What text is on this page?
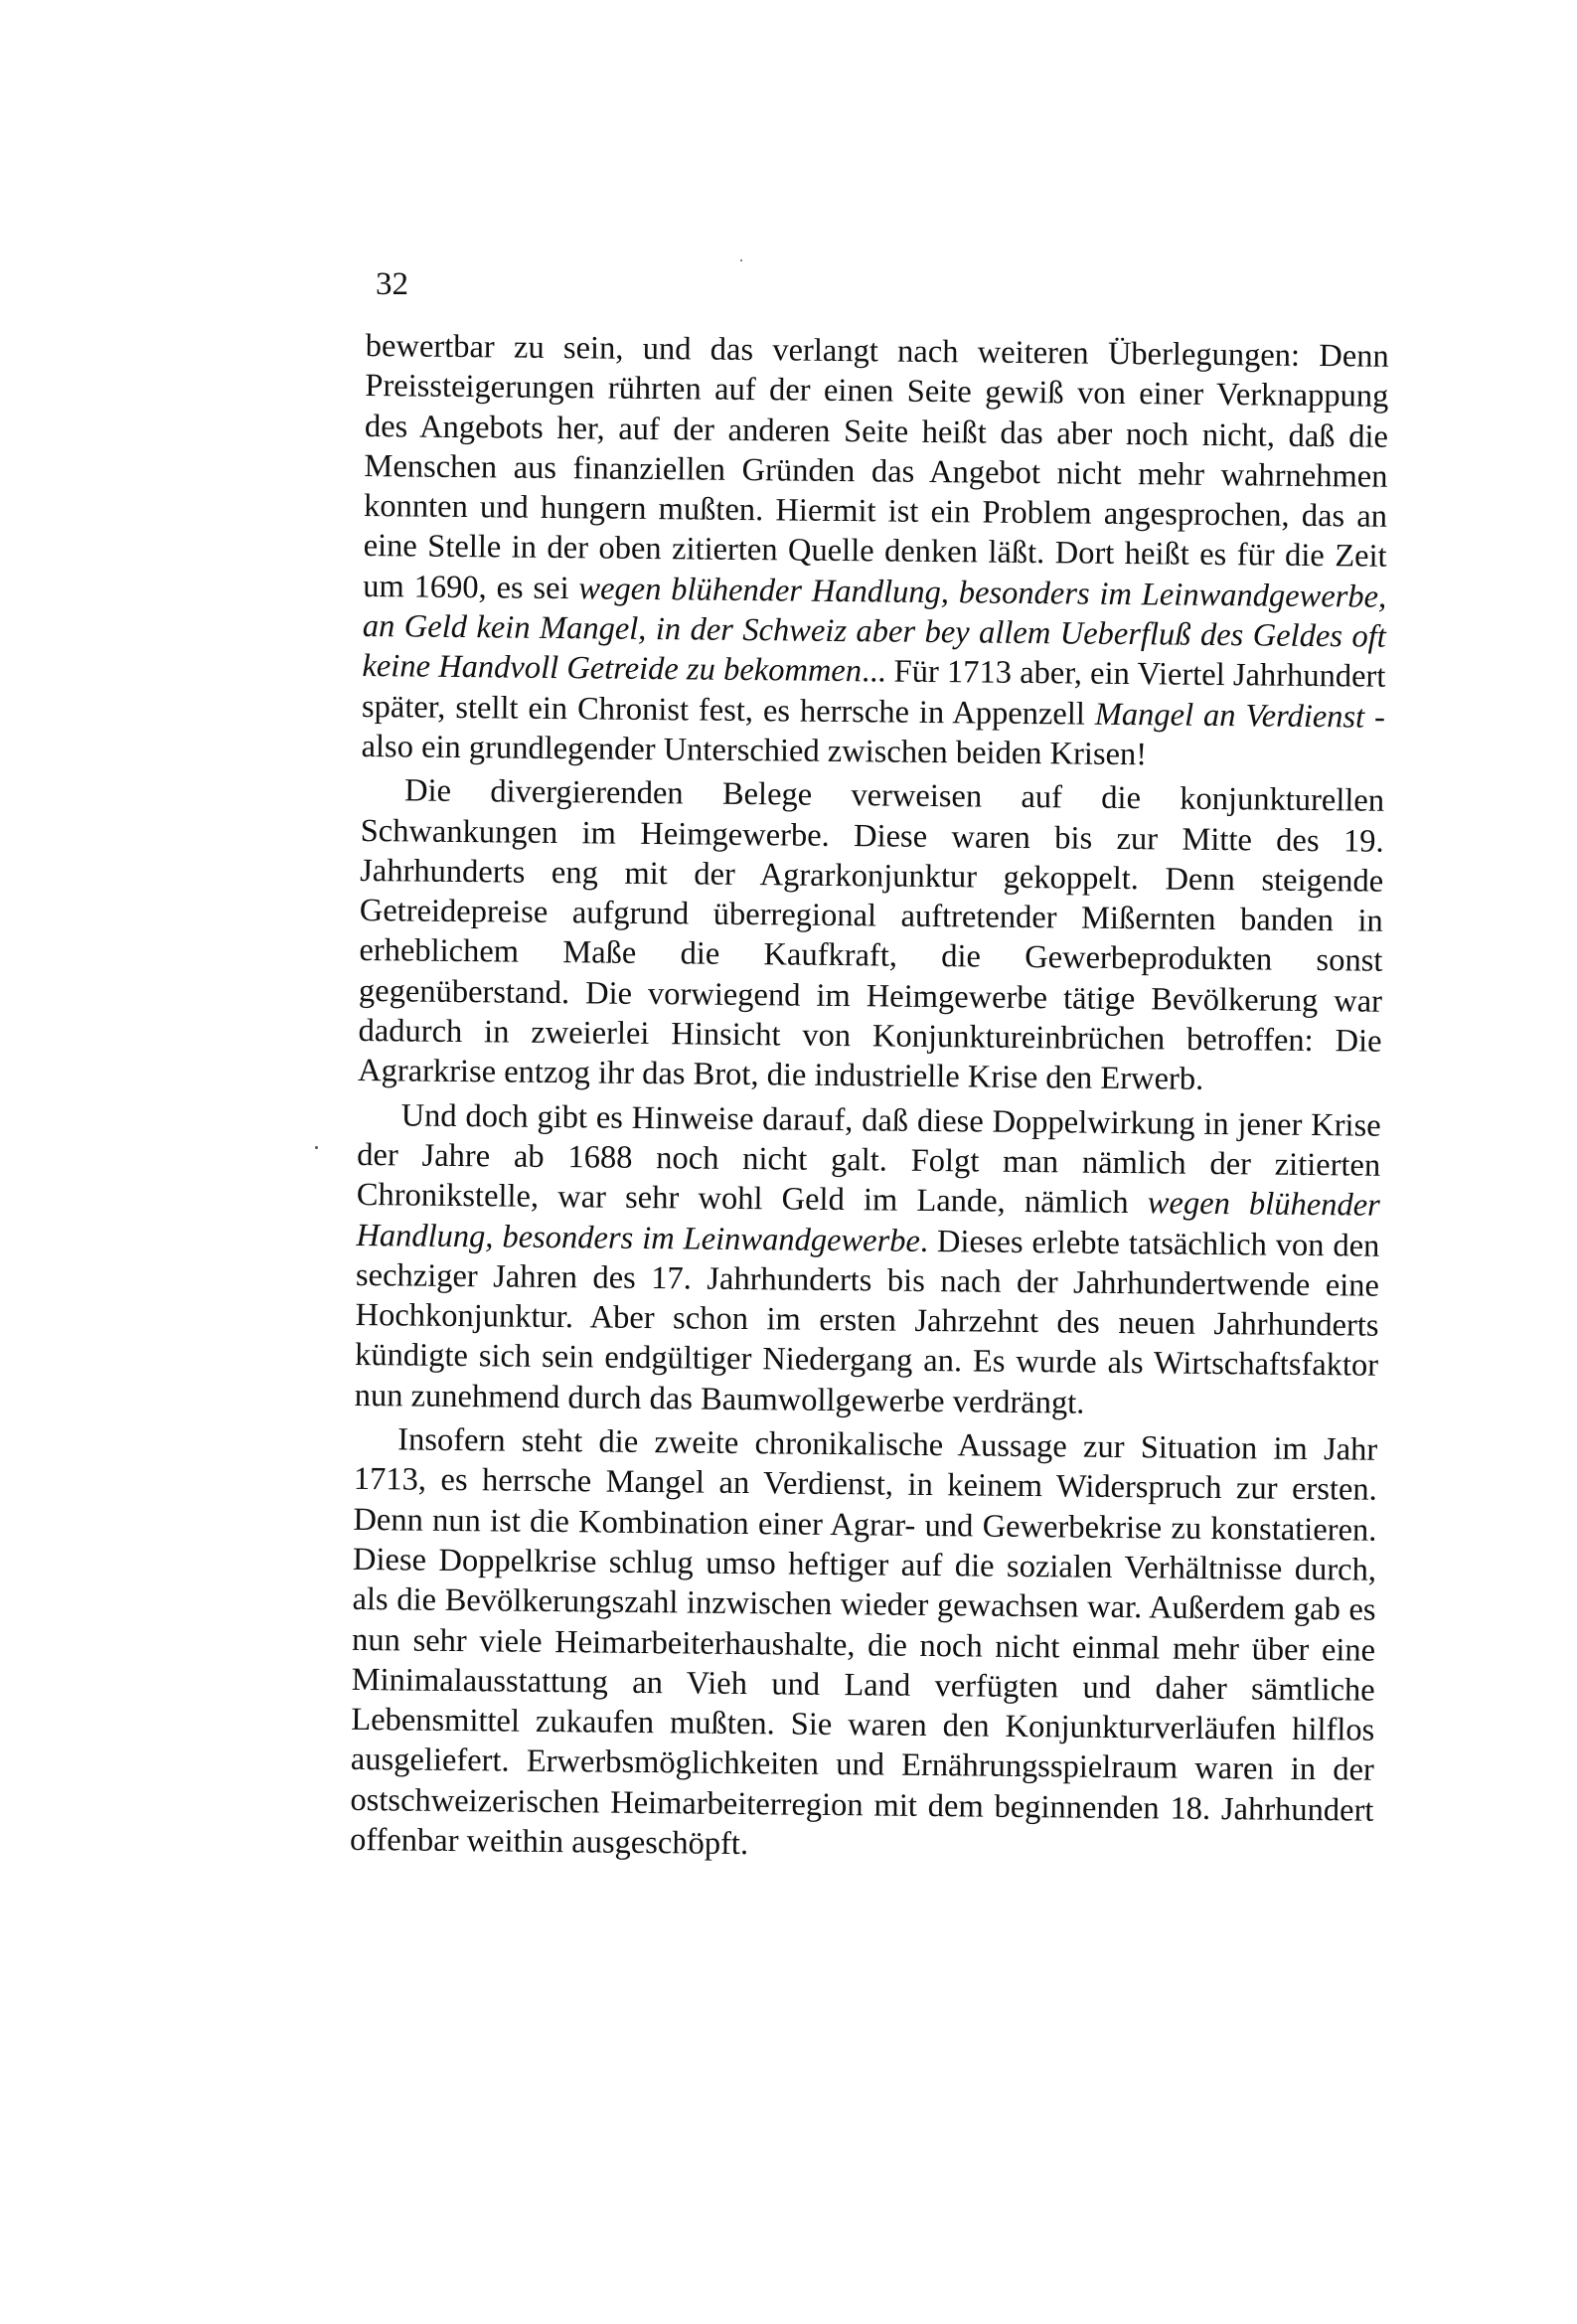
32

bewertbar zu sein, und das verlangt nach weiteren Überlegungen: Denn Preissteigerungen rührten auf der einen Seite gewiß von einer Verknappung des Angebots her, auf der anderen Seite heißt das aber noch nicht, daß die Menschen aus finanziellen Gründen das Angebot nicht mehr wahrnehmen konnten und hungern mußten. Hiermit ist ein Problem angesprochen, das an eine Stelle in der oben zitierten Quelle denken läßt. Dort heißt es für die Zeit um 1690, es sei wegen blühender Handlung, besonders im Leinwandgewerbe, an Geld kein Mangel, in der Schweiz aber bey allem Ueberfluß des Geldes oft keine Handvoll Getreide zu bekommen... Für 1713 aber, ein Viertel Jahrhundert später, stellt ein Chronist fest, es herrsche in Appenzell Mangel an Verdienst - also ein grundlegender Unterschied zwischen beiden Krisen!

Die divergierenden Belege verweisen auf die konjunkturellen Schwankungen im Heimgewerbe. Diese waren bis zur Mitte des 19. Jahrhunderts eng mit der Agrarkonjunktur gekoppelt. Denn steigende Getreidepreise aufgrund überregional auftretender Mißernten banden in erheblichem Maße die Kaufkraft, die Gewerbeprodukten sonst gegenüberstand. Die vorwiegend im Heimgewerbe tätige Bevölkerung war dadurch in zweierlei Hinsicht von Konjunktureinbrüchen betroffen: Die Agrarkrise entzog ihr das Brot, die industrielle Krise den Erwerb.

Und doch gibt es Hinweise darauf, daß diese Doppelwirkung in jener Krise der Jahre ab 1688 noch nicht galt. Folgt man nämlich der zitierten Chronikstelle, war sehr wohl Geld im Lande, nämlich wegen blühender Handlung, besonders im Leinwandgewerbe. Dieses erlebte tatsächlich von den sechziger Jahren des 17. Jahrhunderts bis nach der Jahrhundertwende eine Hochkonjunktur. Aber schon im ersten Jahrzehnt des neuen Jahrhunderts kündigte sich sein endgültiger Niedergang an. Es wurde als Wirtschaftsfaktor nun zunehmend durch das Baumwollgewerbe verdrängt.

Insofern steht die zweite chronikalische Aussage zur Situation im Jahr 1713, es herrsche Mangel an Verdienst, in keinem Widerspruch zur ersten. Denn nun ist die Kombination einer Agrar- und Gewerbekrise zu konstatieren. Diese Doppelkrise schlug umso heftiger auf die sozialen Verhältnisse durch, als die Bevölkerungszahl inzwischen wieder gewachsen war. Außerdem gab es nun sehr viele Heimarbeiterhaushalte, die noch nicht einmal mehr über eine Minimalausstattung an Vieh und Land verfügten und daher sämtliche Lebensmittel zukaufen mußten. Sie waren den Konjunkturverläufen hilflos ausgeliefert. Erwerbsmöglichkeiten und Ernährungsspielraum waren in der ostschweizerischen Heimarbeiterregion mit dem beginnenden 18. Jahrhundert offenbar weithin ausgeschöpft.
